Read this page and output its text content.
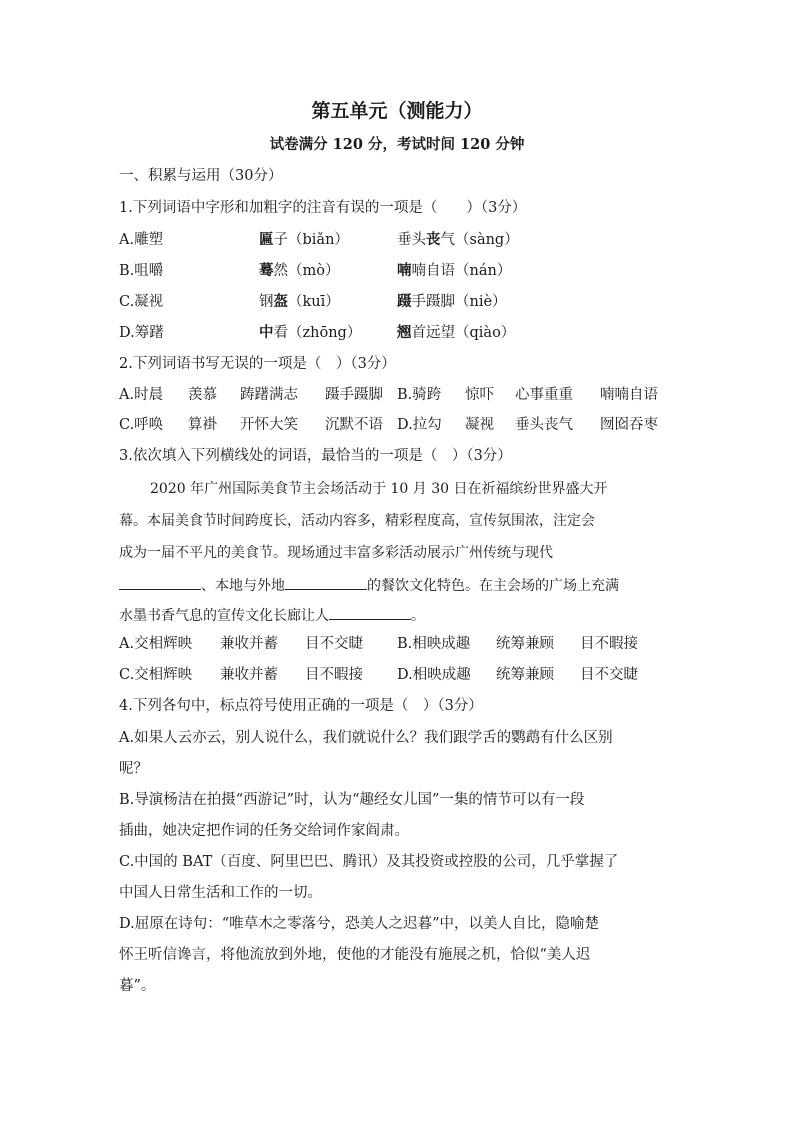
第五单元（测能力）
试卷满分 120 分，考试时间 120 分钟
一、积累与运用（30分）
1.下列词语中字形和加粗字的注音有误的一项是（　　）（3分）
A.雕塑	匾子（biǎn）	垂头丧气（sàng）
B.咀嚼	蓦然（mò）	喃喃自语（nán）
C.凝视	钢盔（kuī）	蹑手蹑脚（niè）
D.筹躇	中看（zhōng） 翘首远望（qiào）
2.下列词语书写无误的一项是（　）（3分）
A.时晨 羡慕 踌躇满志 蹑手蹑脚 B.骑跨 惊吓 心事重重 喃喃自语
C.呼唤 算褂 开怀大笑 沉默不语 D.拉勾 凝视 垂头丧气 囫囵吞枣
3.依次填入下列横线处的词语，最恰当的一项是（　）（3分）
2020 年广州国际美食节主会场活动于 10 月 30 日在祈福缤纷世界盛大开
幕。本届美食节时间跨度长，活动内容多，精彩程度高，宣传氛围浓，注定会
成为一届不平凡的美食节。现场通过丰富多彩活动展示广州传统与现代
、本地与外地	的餐饮文化特色。在主会场的广场上充满
水墨书香气息的宣传文化长廊让人	。
A.交相辉映 兼收并蓄 目不交睫 B.相映成趣 统筹兼顾 目不暇接
C.交相辉映 兼收并蓄 目不暇接 D.相映成趣 统筹兼顾 目不交睫
4.下列各句中，标点符号使用正确的一项是（　）（3分）
A.如果人云亦云，别人说什么，我们就说什么？我们跟学舌的鹦鹉有什么区别
呢？
B.导演杨洁在拍摄“西游记”时，认为“趣经女儿国”一集的情节可以有一段
插曲，她决定把作词的任务交给词作家阎肃。
C.中国的 BAT（百度、阿里巴巴、腾讯）及其投资或控股的公司，几乎掌握了
中国人日常生活和工作的一切。
D.屈原在诗句：“唯草木之零落兮，恐美人之迟暮”中，以美人自比，隐喻楚
怀王听信谗言，将他流放到外地，使他的才能没有施展之机，恰似“美人迟
暮”。
